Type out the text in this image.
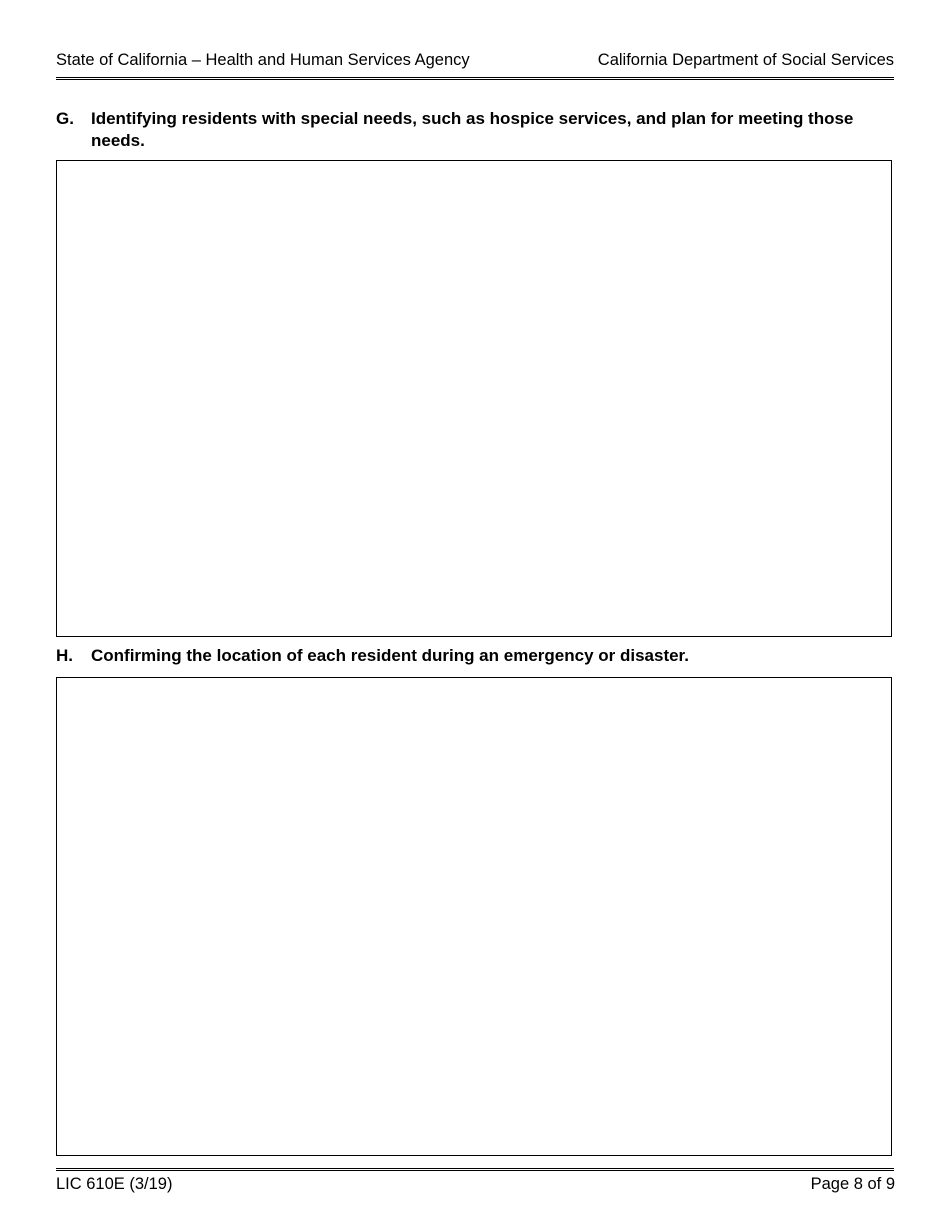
State of California – Health and Human Services Agency	California Department of Social Services
G. Identifying residents with special needs, such as hospice services, and plan for meeting those needs.
H. Confirming the location of each resident during an emergency or disaster.
LIC 610E (3/19)	Page 8 of 9
